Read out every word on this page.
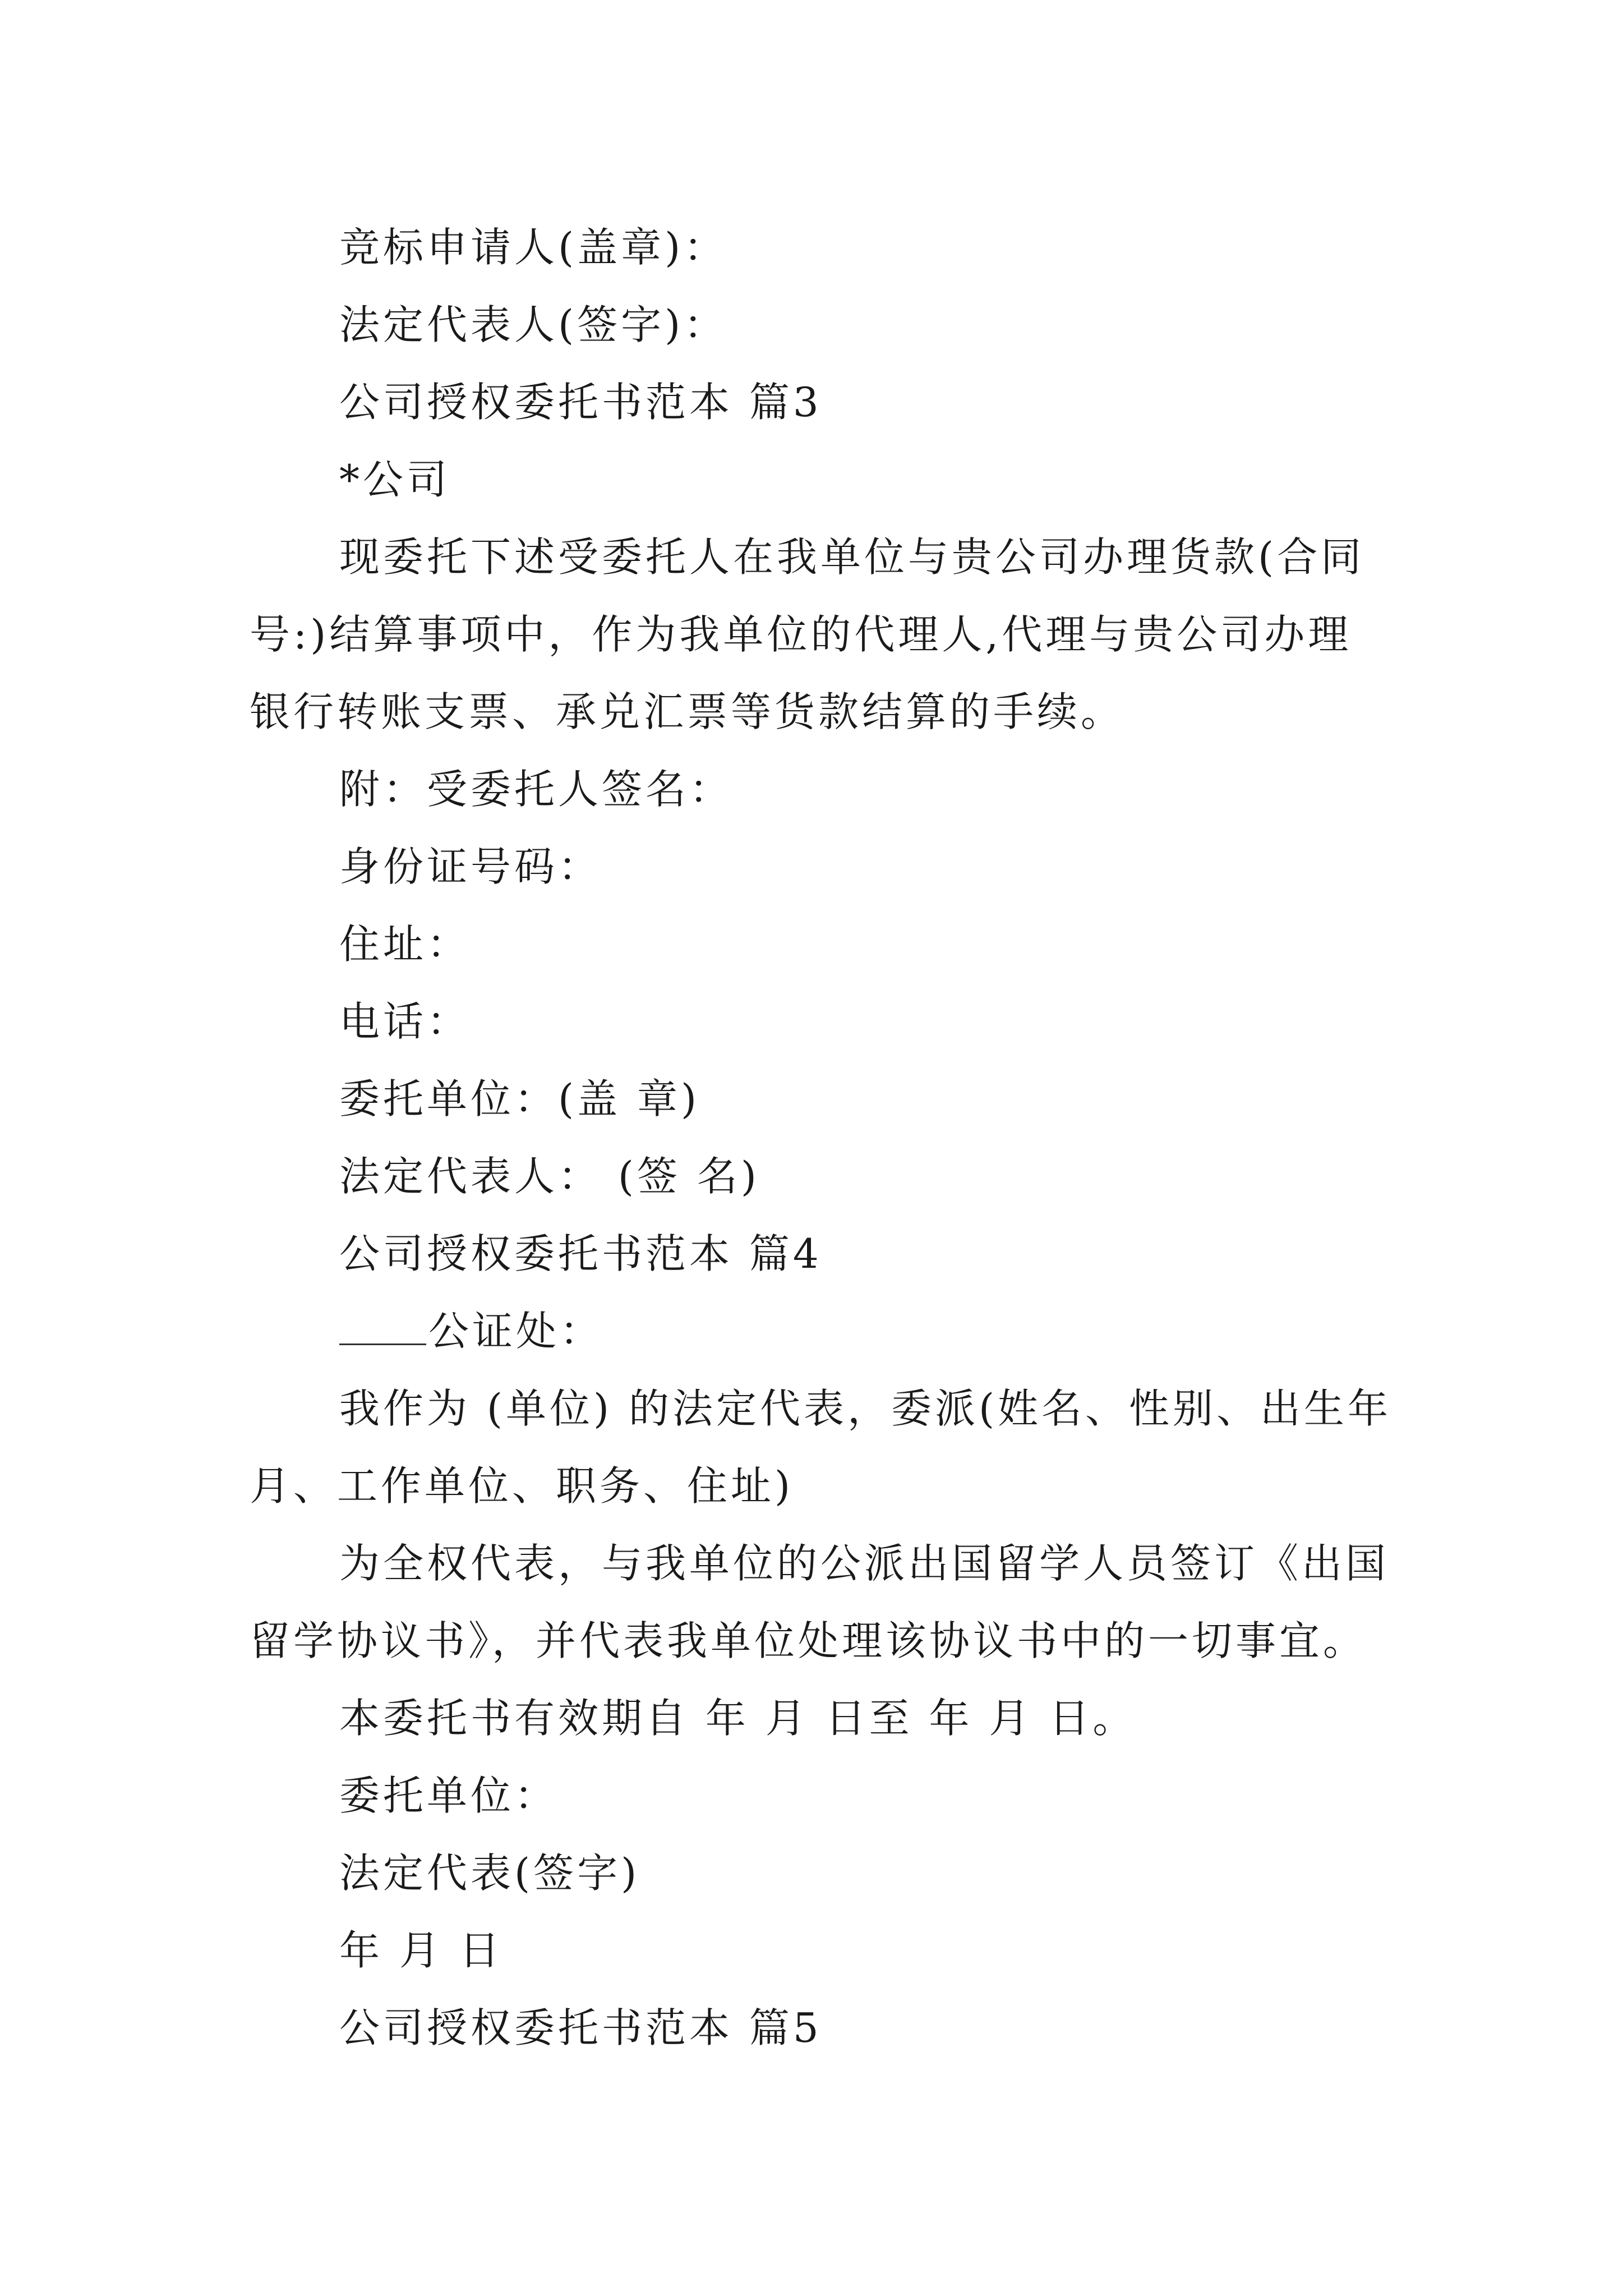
竞标申请人(盖章)：

法定代表人(签字)：

公司授权委托书范本 篇3

*公司

现委托下述受委托人在我单位与贵公司办理货款(合同号:)结算事项中，作为我单位的代理人,代理与贵公司办理银行转账支票、承兑汇票等货款结算的手续。

附：受委托人签名：

身份证号码：

住址：

电话：

委托单位：(盖 章)

法定代表人： (签 名)

公司授权委托书范本 篇4

公证处：

我作为 (单位) 的法定代表，委派(姓名、性别、出生年月、工作单位、职务、住址)

为全权代表，与我单位的公派出国留学人员签订《出国留学协议书》，并代表我单位处理该协议书中的一切事宜。

本委托书有效期自 年 月 日至 年 月 日。

委托单位：

法定代表(签字)

年 月 日

公司授权委托书范本 篇5
